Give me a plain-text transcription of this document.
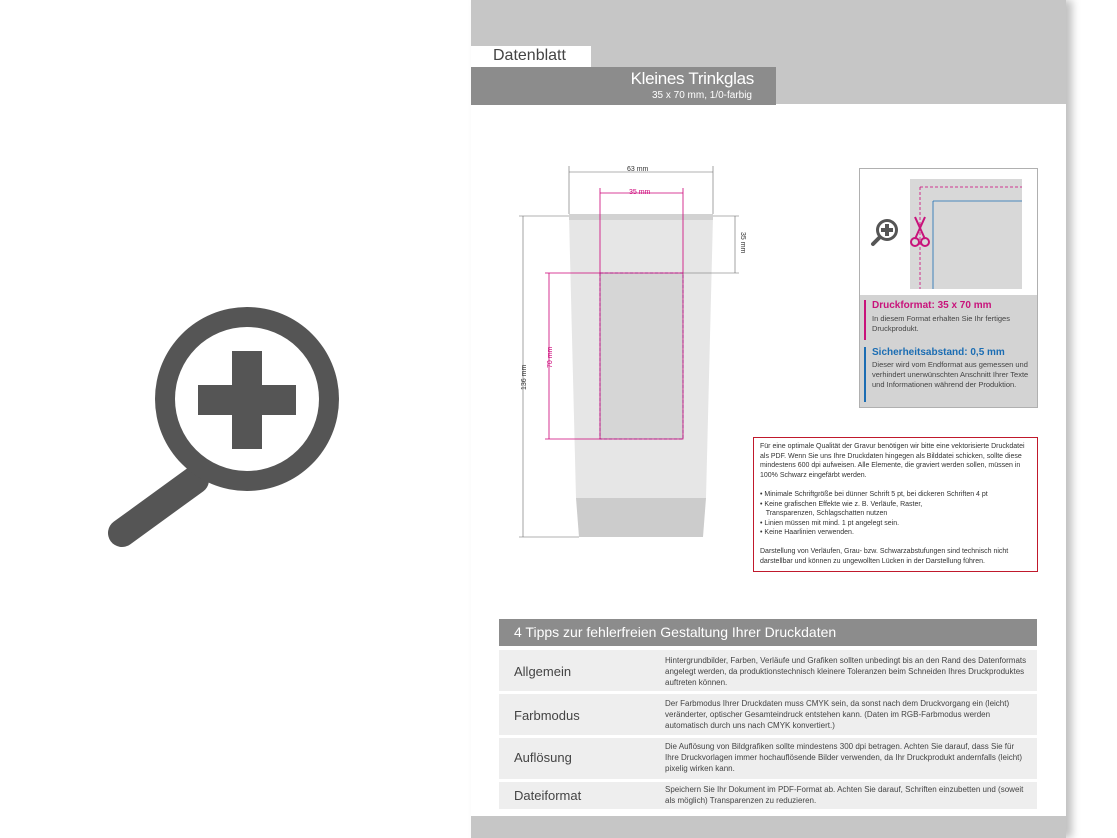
Datenblatt
Kleines Trinkglas
35 x 70 mm, 1/0-farbig
63 mm
35 mm
35 mm
70 mm
136 mm
Druckformat: 35 x 70 mm
In diesem Format erhalten Sie Ihr fertiges Druckprodukt.
Sicherheitsabstand: 0,5 mm
Dieser wird vom Endformat aus gemessen und verhindert unerwünschten Anschnitt Ihrer Texte und Informationen während der Produktion.
Für eine optimale Qualität der Gravur benötigen wir bitte eine vektorisierte Druckdatei als PDF. Wenn Sie uns Ihre Druckdaten hingegen als Bilddatei schicken, sollte diese mindestens 600 dpi aufweisen. Alle Elemente, die graviert werden sollen, müssen in 100% Schwarz eingefärbt werden.
• Minimale Schriftgröße bei dünner Schrift 5 pt, bei dickeren Schriften 4 pt
• Keine grafischen Effekte wie z. B. Verläufe, Raster,
Transparenzen, Schlagschatten nutzen
• Linien müssen mit mind. 1 pt angelegt sein.
• Keine Haarlinien verwenden.
Darstellung von Verläufen, Grau- bzw. Schwarzabstufungen sind technisch nicht darstellbar und können zu ungewollten Lücken in der Darstellung führen.
4 Tipps zur fehlerfreien Gestaltung Ihrer Druckdaten
Allgemein
Hintergrundbilder, Farben, Verläufe und Grafiken sollten unbedingt bis an den Rand des Datenformats angelegt werden, da produktionstechnisch kleinere Toleranzen beim Schneiden Ihres Druckproduktes auftreten können.
Farbmodus
Der Farbmodus Ihrer Druckdaten muss CMYK sein, da sonst nach dem Druckvorgang ein (leicht) veränderter, optischer Gesamteindruck entstehen kann. (Daten im RGB-Farbmodus werden automatisch durch uns nach CMYK konvertiert.)
Auflösung
Die Auflösung von Bildgrafiken sollte mindestens 300 dpi betragen. Achten Sie darauf, dass Sie für Ihre Druckvorlagen immer hochauflösende Bilder verwenden, da Ihr Druckprodukt andernfalls (leicht) pixelig wirken kann.
Dateiformat	Speichern Sie Ihr Dokument im PDF-Format ab. Achten Sie darauf, Schriften einzubetten und (soweit als möglich) Transparenzen zu reduzieren.
